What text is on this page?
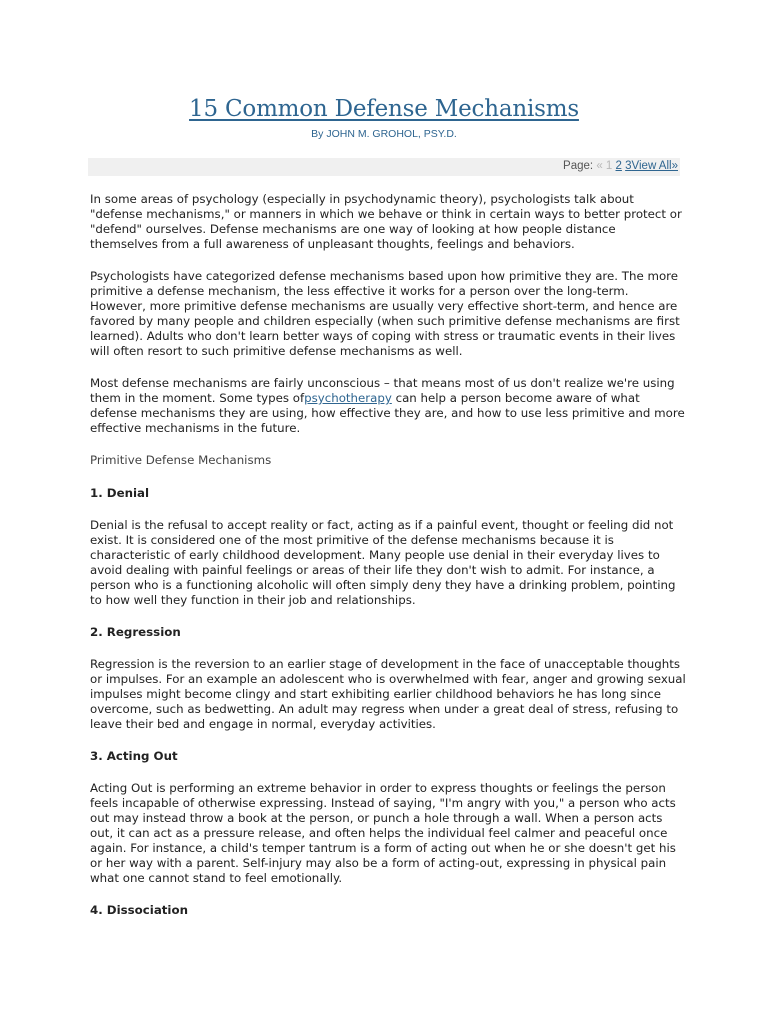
15 Common Defense Mechanisms
By JOHN M. GROHOL, PSY.D.
Page: « 1 2 3View All»

In some areas of psychology (especially in psychodynamic theory), psychologists talk about "defense mechanisms," or manners in which we behave or think in certain ways to better protect or "defend" ourselves. Defense mechanisms are one way of looking at how people distance themselves from a full awareness of unpleasant thoughts, feelings and behaviors.

Psychologists have categorized defense mechanisms based upon how primitive they are. The more primitive a defense mechanism, the less effective it works for a person over the long-term. However, more primitive defense mechanisms are usually very effective short-term, and hence are favored by many people and children especially (when such primitive defense mechanisms are first learned). Adults who don't learn better ways of coping with stress or traumatic events in their lives will often resort to such primitive defense mechanisms as well.

Most defense mechanisms are fairly unconscious – that means most of us don't realize we're using them in the moment. Some types ofpsychotherapy can help a person become aware of what defense mechanisms they are using, how effective they are, and how to use less primitive and more effective mechanisms in the future.

Primitive Defense Mechanisms

1. Denial

Denial is the refusal to accept reality or fact, acting as if a painful event, thought or feeling did not exist. It is considered one of the most primitive of the defense mechanisms because it is characteristic of early childhood development. Many people use denial in their everyday lives to avoid dealing with painful feelings or areas of their life they don't wish to admit. For instance, a person who is a functioning alcoholic will often simply deny they have a drinking problem, pointing to how well they function in their job and relationships.

2. Regression

Regression is the reversion to an earlier stage of development in the face of unacceptable thoughts or impulses. For an example an adolescent who is overwhelmed with fear, anger and growing sexual impulses might become clingy and start exhibiting earlier childhood behaviors he has long since overcome, such as bedwetting. An adult may regress when under a great deal of stress, refusing to leave their bed and engage in normal, everyday activities.

3. Acting Out

Acting Out is performing an extreme behavior in order to express thoughts or feelings the person feels incapable of otherwise expressing. Instead of saying, "I'm angry with you," a person who acts out may instead throw a book at the person, or punch a hole through a wall. When a person acts out, it can act as a pressure release, and often helps the individual feel calmer and peaceful once again. For instance, a child's temper tantrum is a form of acting out when he or she doesn't get his or her way with a parent. Self-injury may also be a form of acting-out, expressing in physical pain what one cannot stand to feel emotionally.

4. Dissociation
